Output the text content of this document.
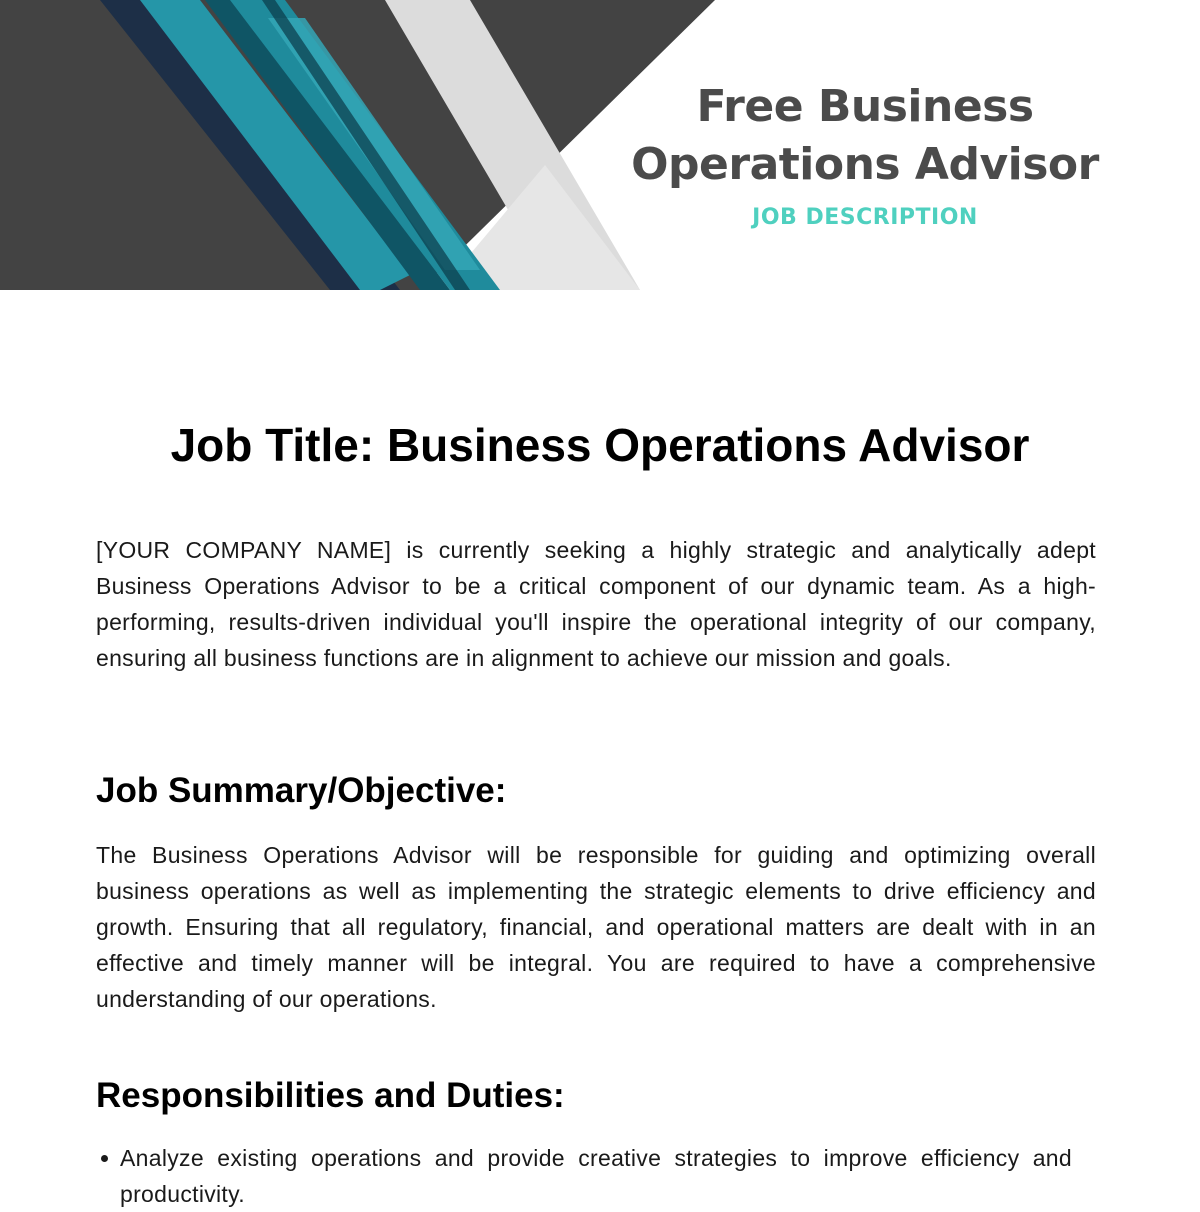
Free Business Operations Advisor
JOB DESCRIPTION
Job Title: Business Operations Advisor

[YOUR COMPANY NAME] is currently seeking a highly strategic and analytically adept Business Operations Advisor to be a critical component of our dynamic team. As a high-performing, results-driven individual you'll inspire the operational integrity of our company, ensuring all business functions are in alignment to achieve our mission and goals.

Job Summary/Objective:

The Business Operations Advisor will be responsible for guiding and optimizing overall business operations as well as implementing the strategic elements to drive efficiency and growth. Ensuring that all regulatory, financial, and operational matters are dealt with in an effective and timely manner will be integral. You are required to have a comprehensive understanding of our operations.

Responsibilities and Duties:
Analyze existing operations and provide creative strategies to improve efficiency and productivity.
